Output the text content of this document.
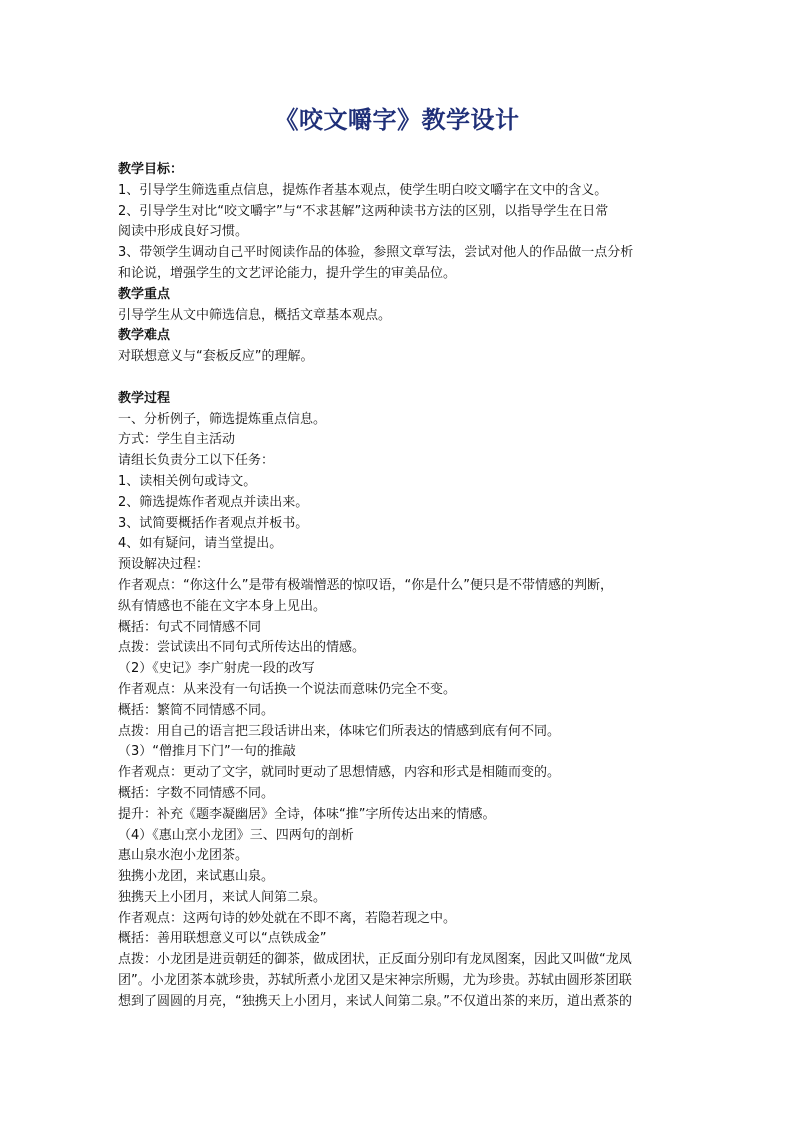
《咬文嚼字》教学设计
教学目标：
1、引导学生筛选重点信息，提炼作者基本观点，使学生明白咬文嚼字在文中的含义。
2、引导学生对比“咬文嚼字”与“不求甚解”这两种读书方法的区别，以指导学生在日常
阅读中形成良好习惯。
3、带领学生调动自己平时阅读作品的体验，参照文章写法，尝试对他人的作品做一点分析
和论说，增强学生的文艺评论能力，提升学生的审美品位。
教学重点
引导学生从文中筛选信息，概括文章基本观点。
教学难点
对联想意义与“套板反应”的理解。
教学过程
一、分析例子，筛选提炼重点信息。
方式：学生自主活动
请组长负责分工以下任务：
1、读相关例句或诗文。
2、筛选提炼作者观点并读出来。
3、试简要概括作者观点并板书。
4、如有疑问，请当堂提出。
预设解决过程：
作者观点：“你这什么”是带有极端憎恶的惊叹语，“你是什么”便只是不带情感的判断，
纵有情感也不能在文字本身上见出。
概括：句式不同情感不同
点拨：尝试读出不同句式所传达出的情感。
（2）《史记》李广射虎一段的改写
作者观点：从来没有一句话换一个说法而意味仍完全不变。
概括：繁简不同情感不同。
点拨：用自己的语言把三段话讲出来，体味它们所表达的情感到底有何不同。
（3）“僧推月下门”一句的推敲
作者观点：更动了文字，就同时更动了思想情感，内容和形式是相随而变的。
概括：字数不同情感不同。
提升：补充《题李凝幽居》全诗，体味“推”字所传达出来的情感。
（4）《惠山烹小龙团》三、四两句的剖析
惠山泉水泡小龙团茶。
独携小龙团，来试惠山泉。
独携天上小团月，来试人间第二泉。
作者观点：这两句诗的妙处就在不即不离，若隐若现之中。
概括：善用联想意义可以“点铁成金”
点拨：小龙团是进贡朝廷的御茶，做成团状，正反面分别印有龙凤图案，因此又叫做“龙凤
团”。小龙团茶本就珍贵，苏轼所煮小龙团又是宋神宗所赐，尤为珍贵。苏轼由圆形茶团联
想到了圆圆的月亮，“独携天上小团月，来试人间第二泉。”不仅道出茶的来历，道出煮茶的
